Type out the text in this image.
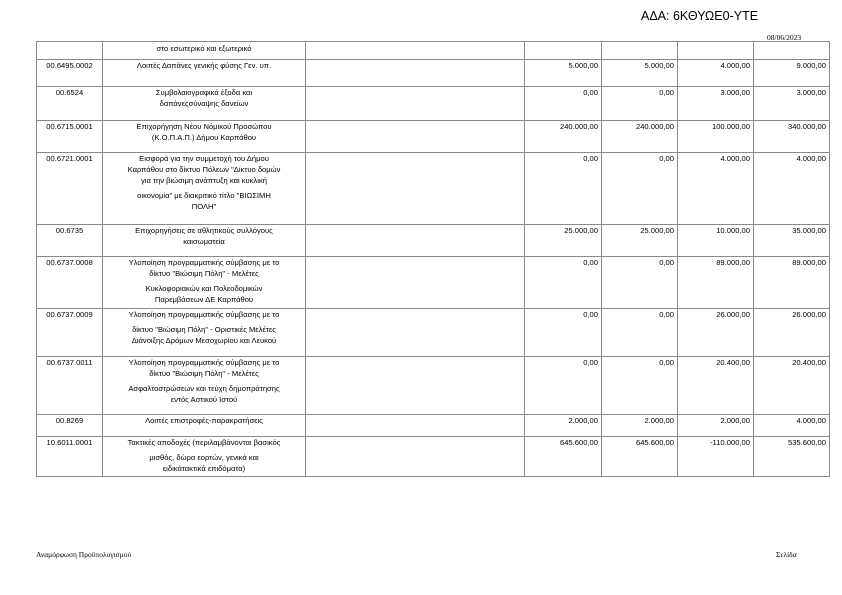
ΑΔΑ: 6ΚΘΥΩΕ0-ΥΤΕ
08/06/2023

	στο εσωτερικό και εξωτερικό					

00.6495.0002	Λοιπές Δαπάνες γενικής φύσης Γεν. υπ.		5.000,00	5.000,00	4.000,00	9.000,00
00.6524	Συμβολαιογραφικά έξοδα και
δαπάνεςσύναψης δανείων		0,00	0,00	3.000,00	3.000,00
00.6715.0001	Επιχορήγηση Νέου Νόμικού Προσώπου
(Κ.Ο.Π.Α.Π.) Δήμου Καρπάθου		240.000,00	240.000,00	100.000,00	340.000,00
00.6721.0001	Εισφορά για την συμμετοχή του Δήμου
Καρπάθου στο δίκτυο Πόλεων "Δίκτυο δομών
για την βιώσιμη ανάπτυξη και κυκλική
οικονομία" με διακριτικό τίτλο "ΒΙΩΣΙΜΗ
ΠΟΛΗ"		0,00	0,00	4.000,00	4.000,00
00.6735	Επιχορηγήσεις σε αθλητικούς συλλόγους
καισωματεία		25.000,00	25.000,00	10.000,00	35.000,00
00.6737.0008	Υλοποίηση προγραμματικής σύμβασης με το
δίκτυο "Βιώσιμη Πόλη" - Μελέτες
Κυκλοφοριακών και Πολεοδομικών
Παρεμβάσεων ΔΕ Καρπάθου		0,00	0,00	89.000,00	89.000,00
00.6737.0009	Υλοποίηση προγραμματικής σύμβασης με το
δίκτυο "Βιώσιμη Πόλη" - Οριστικές Μελέτες
Διάνοιξης Δρόμων Μεσοχωρίου και Λευκού		0,00	0,00	26.000,00	26.000,00
00.6737.0011	Υλοποίηση προγραμματικής σύμβασης με το
δίκτυο "Βιώσιμη Πόλη" - Μελέτες
Ασφαλτοστρώσεων και τεύχη δημοπράτησης
εντός Αστικού Ιστού		0,00	0,00	20.400,00	20.400,00
00.8269	Λοιπές επιστροφές-παρακρατήσεις		2.000,00	2.000,00	2.000,00	4.000,00
10.6011.0001	Τακτικές αποδοχές (περιλαμβάνονται βασικός
μισθός, δώρα εορτών, γενικά και
ειδικάτακτικά επιδόματα)		645.600,00	645.600,00	-110.000,00	535.600,00
Αναμόρφωση Προϋπολογισμού	Σελίδα
